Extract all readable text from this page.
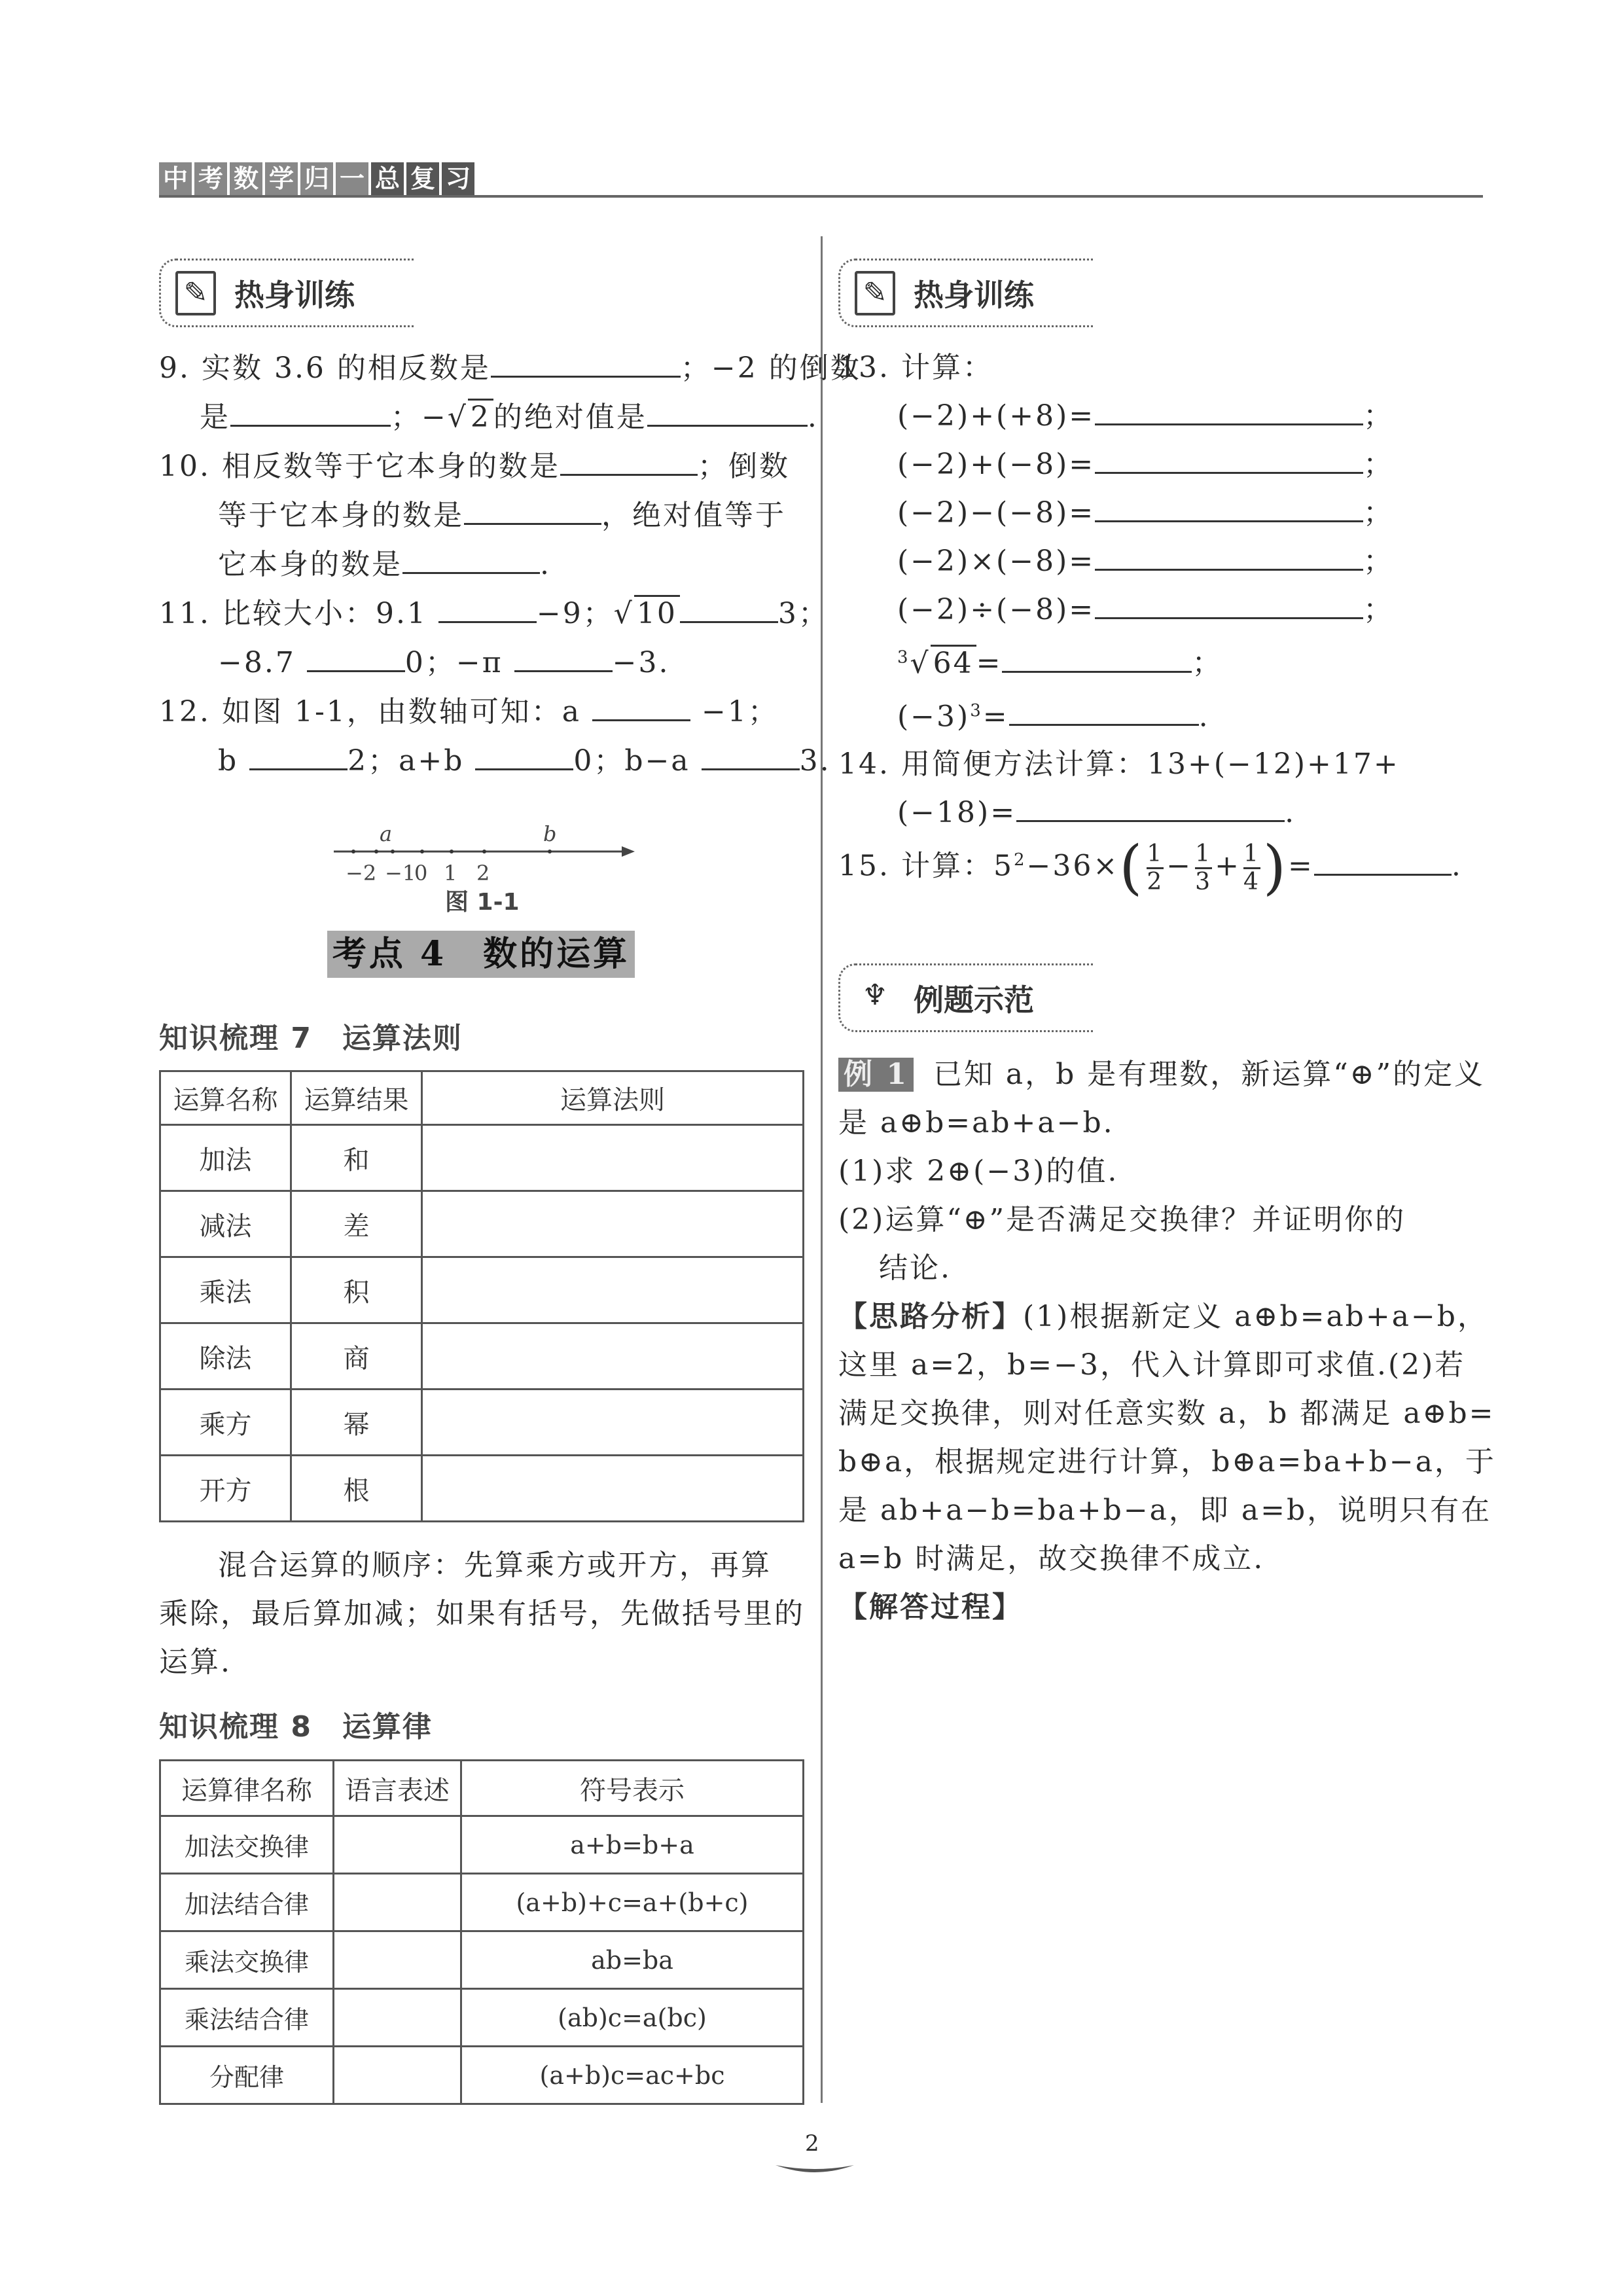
中 考 数 学 归 一 总 复 习
✎ 热身训练
9. 实数 3.6 的相反数是	；−2 的倒数
是	；−√2的绝对值是	.
10. 相反数等于它本身的数是	；倒数
等于它本身的数是	，绝对值等于
它本身的数是	.
11. 比较大小：9.1	−9；√10	3；
−8.7	0；−π	−3.
12. 如图 1-1，由数轴可知：a	−1；
b	2；a+b	0；b−a	3.
−2 −1
0 1 2
a	b
图 1-1
考点 4　数的运算
知识梳理 7　运算法则
运算名称	运算结果	运算法则
加法	和	
减法	差	
乘法	积	
除法	商	
乘方	幂	
开方	根	
混合运算的顺序：先算乘方或开方，再算
乘除，最后算加减；如果有括号，先做括号里的
运算.
知识梳理 8　运算律
运算律名称	语言表述	符号表示
加法交换律		a+b=b+a
加法结合律		(a+b)+c=a+(b+c)
乘法交换律		ab=ba
乘法结合律		(ab)c=a(bc)
分配律		(a+b)c=ac+bc
✎ 热身训练
13. 计算：
(−2)+(+8)=	；
(−2)+(−8)=	；
(−2)−(−8)=	；
(−2)×(−8)=	；
(−2)÷(−8)=	；
$^3$√64=	；
$(-3)^3=$	.
14. 用简便方法计算：13+(−12)+17+
(−18)=	.
15. 计算：$5^2-36\times( \frac{1}{2} - \frac{1}{3} + \frac{1}{4}$ )=	.
♆ 例题示范
例 1 已知 a，b 是有理数，新运算“⊕”的定义
是 a⊕b=ab+a−b.
(1)求 2⊕(−3)的值.
(2)运算“⊕”是否满足交换律？并证明你的
结论.
【思路分析】(1)根据新定义 a⊕b=ab+a−b，
这里 a=2，b=−3，代入计算即可求值.(2)若
满足交换律，则对任意实数 a，b 都满足 a⊕b=
b⊕a，根据规定进行计算，b⊕a=ba+b−a，于
是 ab+a−b=ba+b−a，即 a=b，说明只有在
a=b 时满足，故交换律不成立.
【解答过程】
2
